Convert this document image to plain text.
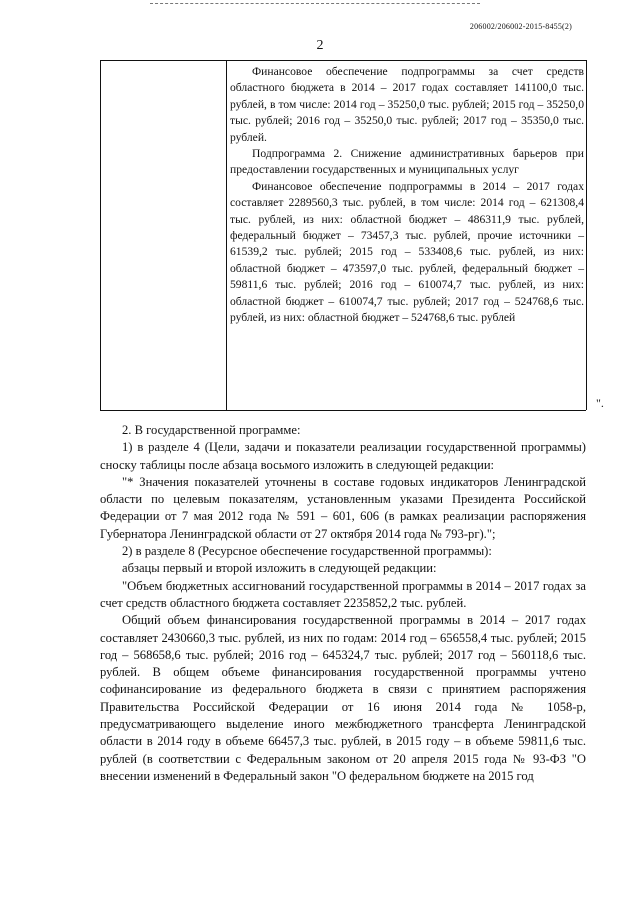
206002/206002-2015-8455(2)
2

Финансовое обеспечение подпрограммы за счет средств областного бюджета в 2014 – 2017 годах составляет 141100,0 тыс. рублей, в том числе: 2014 год – 35250,0 тыс. рублей; 2015 год – 35250,0 тыс. рублей; 2016 год – 35250,0 тыс. рублей; 2017 год – 35350,0 тыс. рублей.

Подпрограмма 2. Снижение административных барьеров при предоставлении государственных и муниципальных услуг

Финансовое обеспечение подпрограммы в 2014 – 2017 годах составляет 2289560,3 тыс. рублей, в том числе: 2014 год – 621308,4 тыс. рублей, из них: областной бюджет – 486311,9 тыс. рублей, федеральный бюджет – 73457,3 тыс. рублей, прочие источники – 61539,2 тыс. рублей; 2015 год – 533408,6 тыс. рублей, из них: областной бюджет – 473597,0 тыс. рублей, федеральный бюджет – 59811,6 тыс. рублей; 2016 год – 610074,7 тыс. рублей, из них: областной бюджет – 610074,7 тыс. рублей; 2017 год – 524768,6 тыс. рублей, из них: областной бюджет – 524768,6 тыс. рублей

".

2. В государственной программе:

1) в разделе 4 (Цели, задачи и показатели реализации государственной программы) сноску таблицы после абзаца восьмого изложить в следующей редакции:

"* Значения показателей уточнены в составе годовых индикаторов Ленинградской области по целевым показателям, установленным указами Президента Российской Федерации от 7 мая 2012 года № 591 – 601, 606 (в рамках реализации распоряжения Губернатора Ленинградской области от 27 октября 2014 года № 793-рг).";

2) в разделе 8 (Ресурсное обеспечение государственной программы):

абзацы первый и второй изложить в следующей редакции:

"Объем бюджетных ассигнований государственной программы в 2014 – 2017 годах за счет средств областного бюджета составляет 2235852,2 тыс. рублей.

Общий объем финансирования государственной программы в 2014 – 2017 годах составляет 2430660,3 тыс. рублей, из них по годам: 2014 год – 656558,4 тыс. рублей; 2015 год – 568658,6 тыс. рублей; 2016 год – 645324,7 тыс. рублей; 2017 год – 560118,6 тыс. рублей. В общем объеме финансирования государственной программы учтено софинансирование из федерального бюджета в связи с принятием распоряжения Правительства Российской Федерации от 16 июня 2014 года № 1058-р, предусматривающего выделение иного межбюджетного трансферта Ленинградской области в 2014 году в объеме 66457,3 тыс. рублей, в 2015 году – в объеме 59811,6 тыс. рублей (в соответствии с Федеральным законом от 20 апреля 2015 года № 93-ФЗ "О внесении изменений в Федеральный закон "О федеральном бюджете на 2015 год
